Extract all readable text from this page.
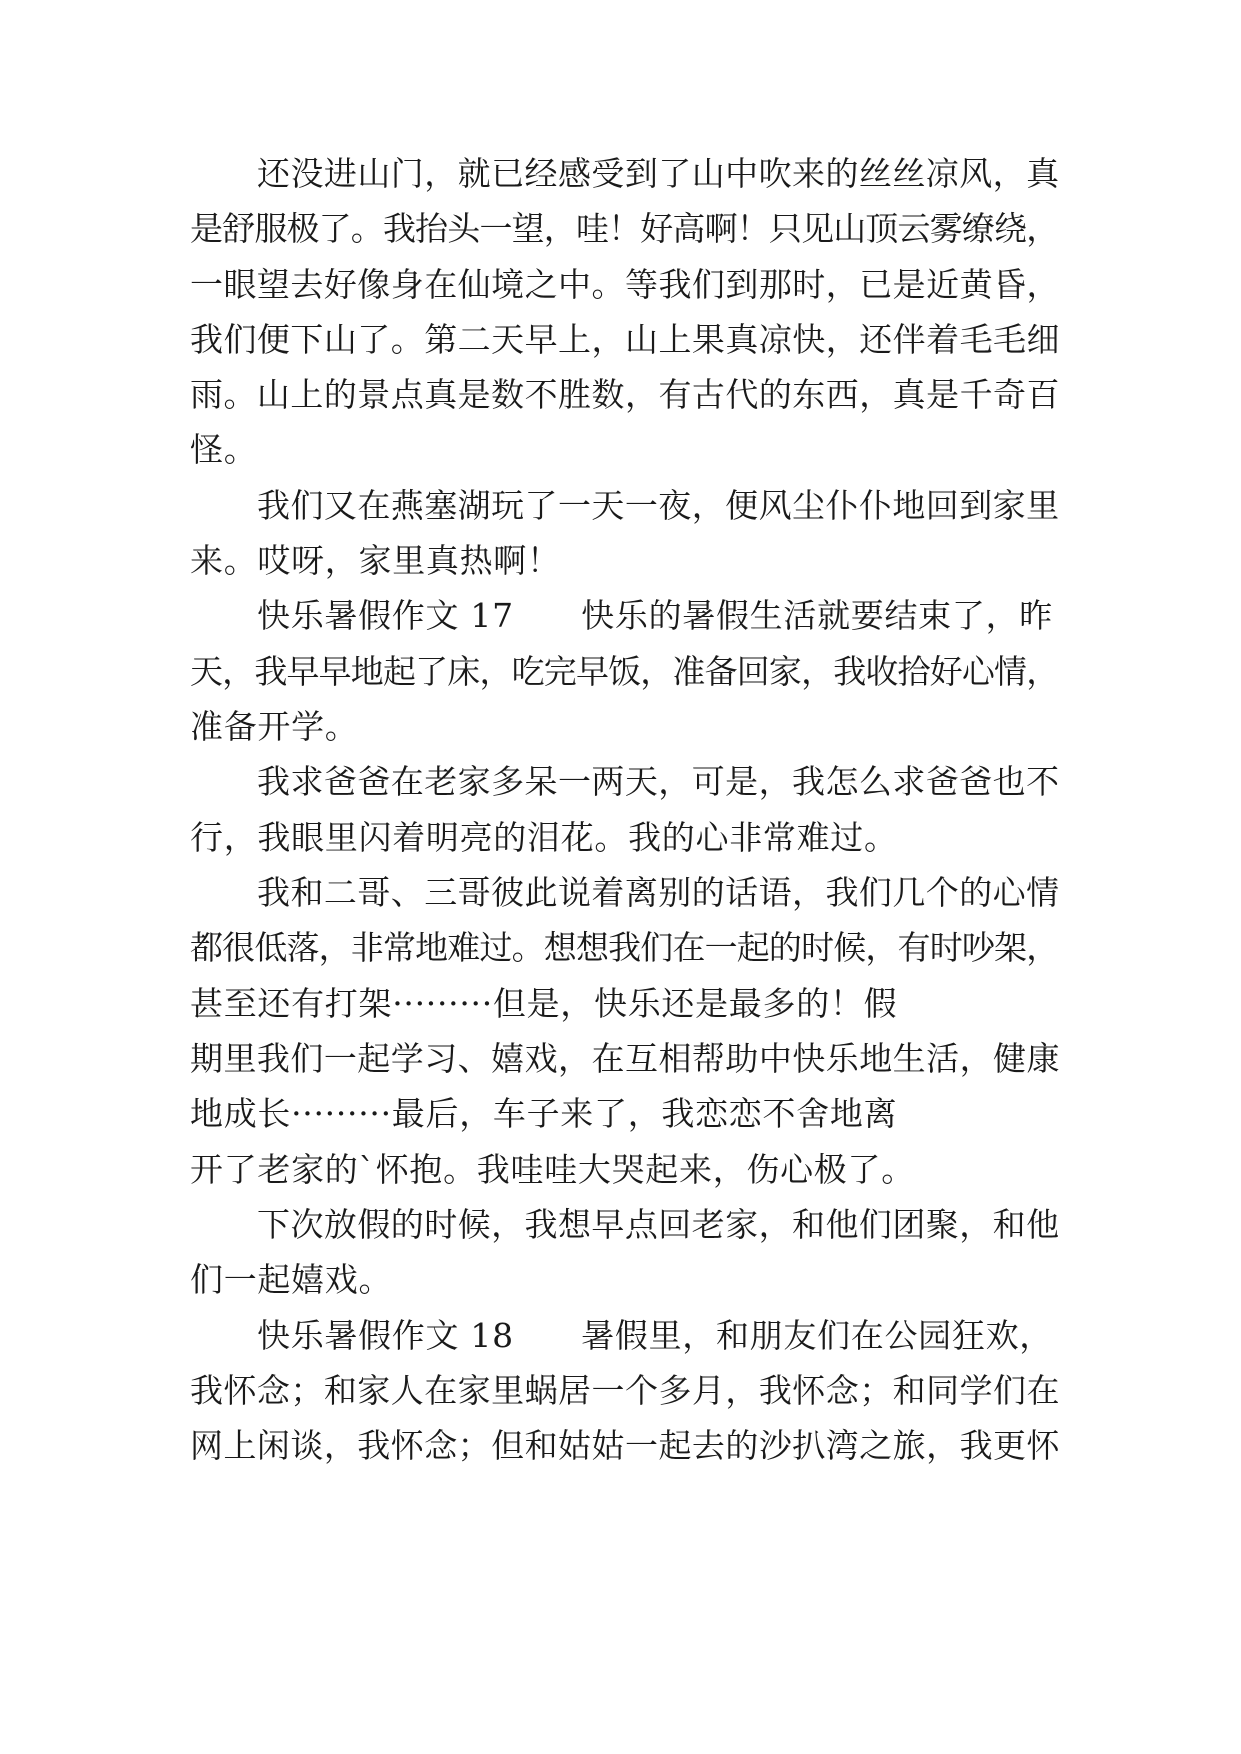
还没进山门，就已经感受到了山中吹来的丝丝凉风，真

是舒服极了。我抬头一望，哇！好高啊！只见山顶云雾缭绕，

一眼望去好像身在仙境之中。等我们到那时，已是近黄昏，

我们便下山了。第二天早上，山上果真凉快，还伴着毛毛细

雨。山上的景点真是数不胜数，有古代的东西，真是千奇百

怪。

我们又在燕塞湖玩了一天一夜，便风尘仆仆地回到家里

来。哎呀，家里真热啊！

快乐暑假作文 17　　快乐的暑假生活就要结束了，昨

天，我早早地起了床，吃完早饭，准备回家，我收拾好心情，

准备开学。

我求爸爸在老家多呆一两天，可是，我怎么求爸爸也不

行，我眼里闪着明亮的泪花。我的心非常难过。

我和二哥、三哥彼此说着离别的话语，我们几个的心情

都很低落，非常地难过。想想我们在一起的时候，有时吵架，

甚至还有打架·········但是，快乐还是最多的！假

期里我们一起学习、嬉戏，在互相帮助中快乐地生活，健康

地成长·········最后，车子来了，我恋恋不舍地离

开了老家的`怀抱。我哇哇大哭起来，伤心极了。

下次放假的时候，我想早点回老家，和他们团聚，和他

们一起嬉戏。

快乐暑假作文 18　　暑假里，和朋友们在公园狂欢，

我怀念；和家人在家里蜗居一个多月，我怀念；和同学们在

网上闲谈，我怀念；但和姑姑一起去的沙扒湾之旅，我更怀
